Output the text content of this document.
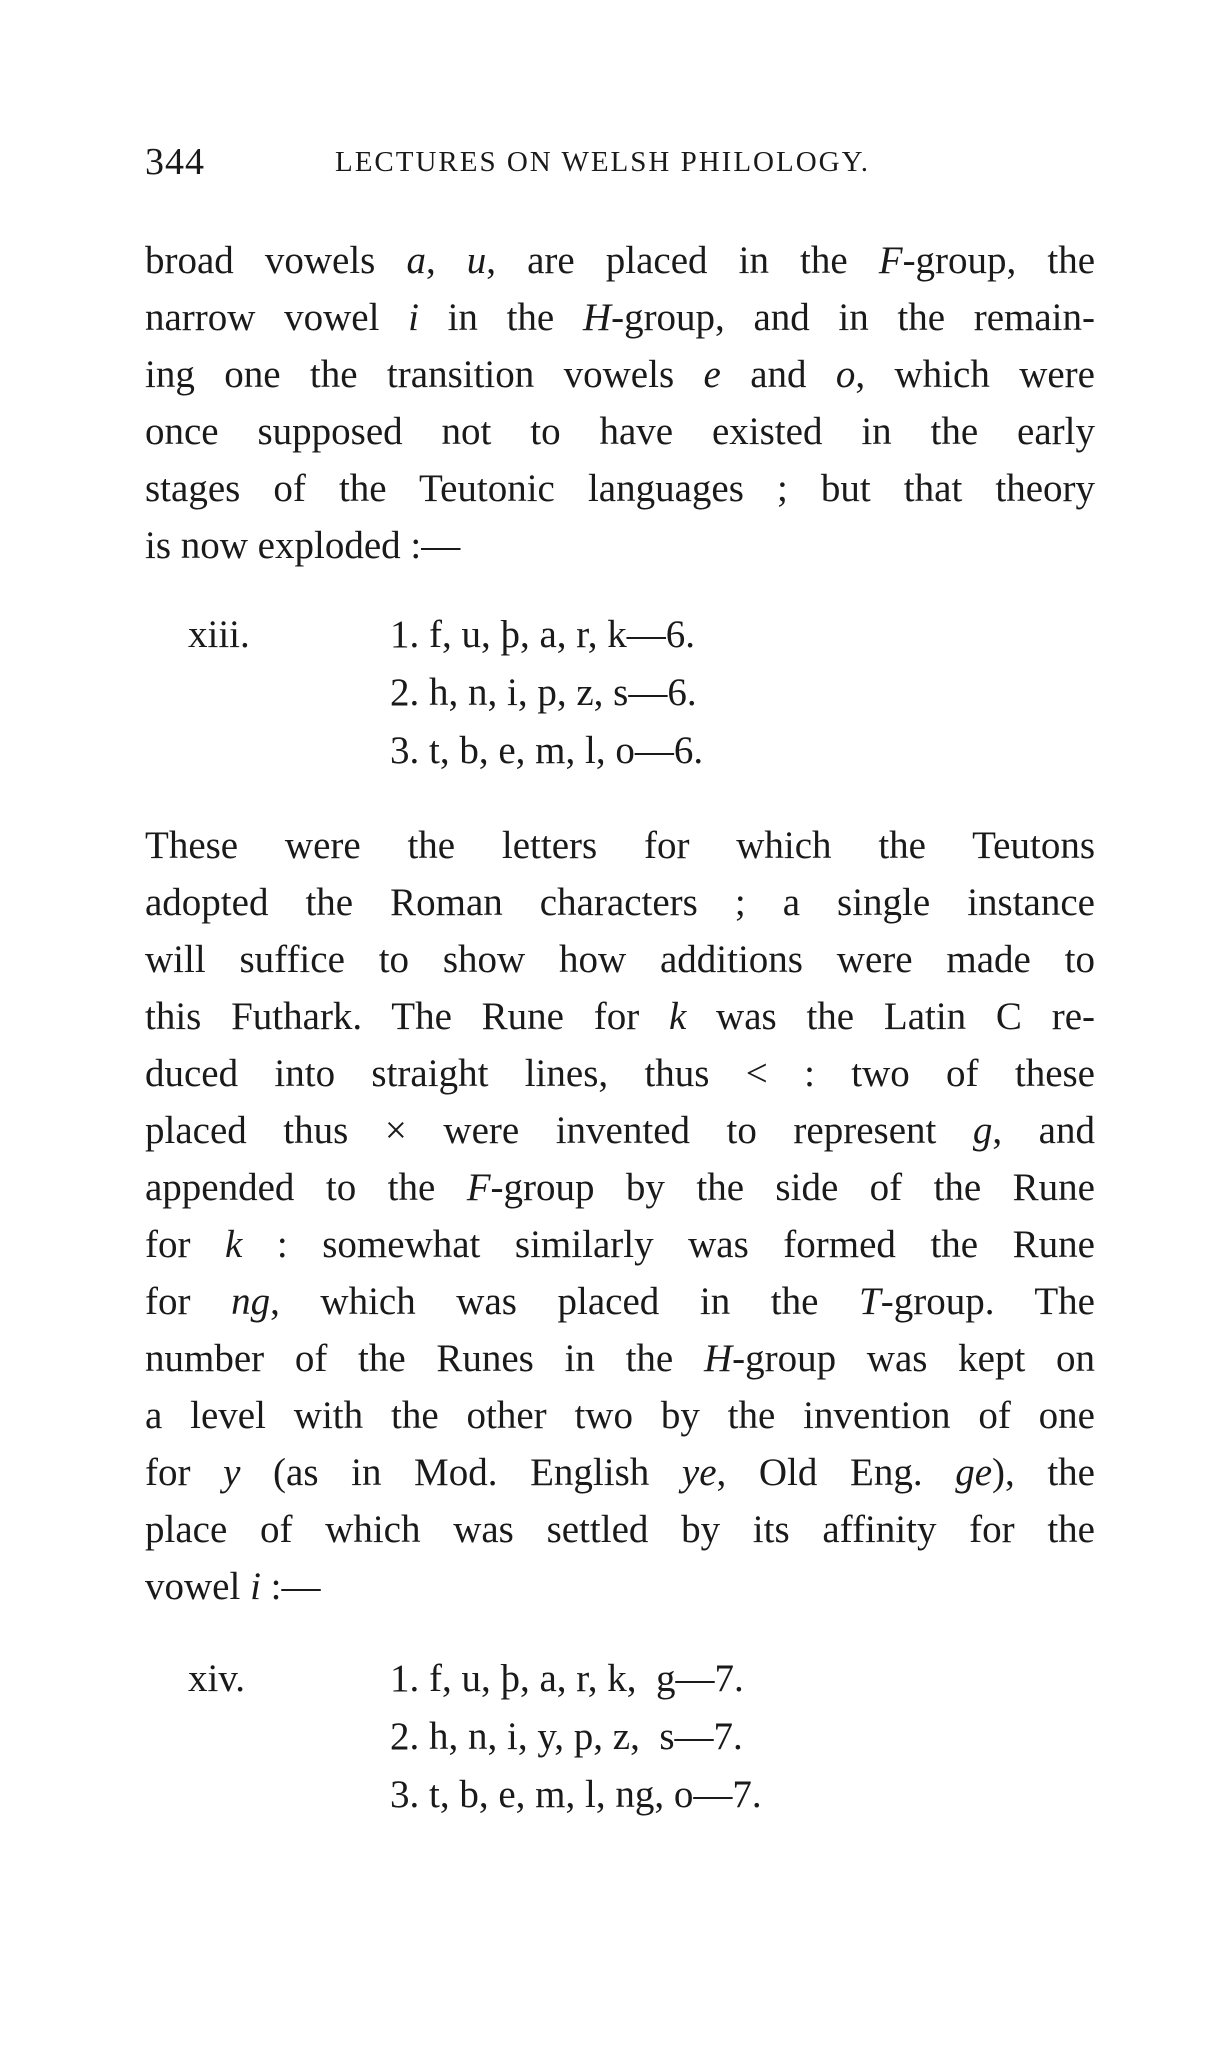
344	LECTURES ON WELSH PHILOLOGY.
broad vowels a, u, are placed in the F-group, the
narrow vowel i in the H-group, and in the remain-
ing one the transition vowels e and o, which were
once supposed not to have existed in the early
stages of the Teutonic languages ; but that theory
is now exploded :—
xiii.	1. f, u, þ, a, r, k—6.
2. h, n, i, p, z, s—6.
3. t, b, e, m, l, o—6.
These were the letters for which the Teutons
adopted the Roman characters ; a single instance
will suffice to show how additions were made to
this Futhark. The Rune for k was the Latin C re-
duced into straight lines, thus < : two of these
placed thus × were invented to represent g, and
appended to the F-group by the side of the Rune
for k : somewhat similarly was formed the Rune
for ng, which was placed in the T-group. The
number of the Runes in the H-group was kept on
a level with the other two by the invention of one
for y (as in Mod. English ye, Old Eng. ge), the
place of which was settled by its affinity for the
vowel i :—
xiv.	1. f, u, þ, a, r, k,  g—7.
2. h, n, i, y, p, z,  s—7.
3. t, b, e, m, l, ng, o—7.
